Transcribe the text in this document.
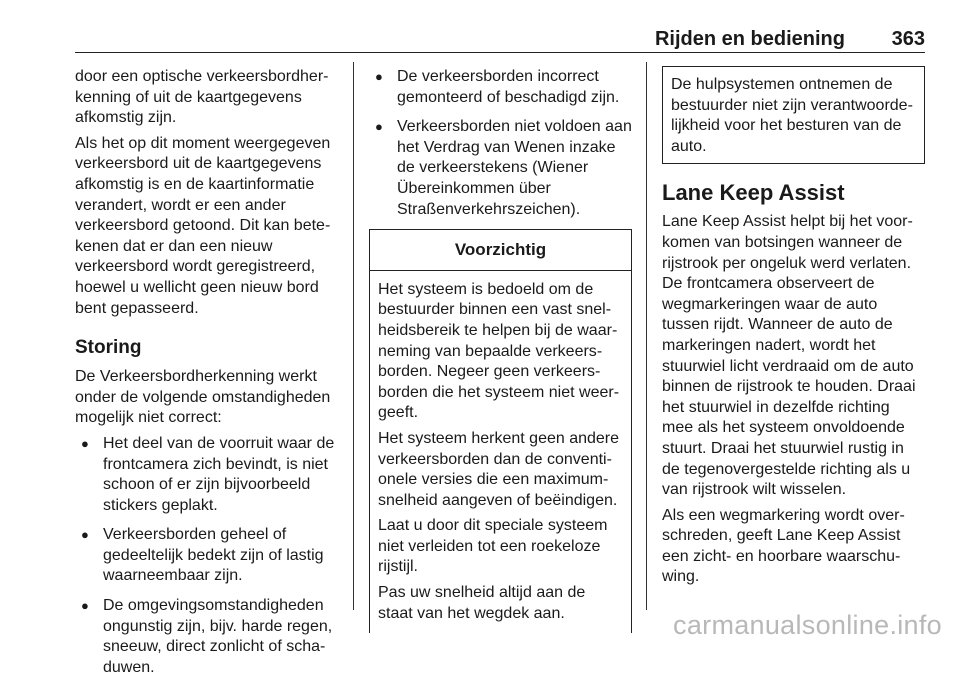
Rijden en bediening 363

door een optische verkeersbordherkenning of uit de kaartgegevens afkomstig zijn.

Als het op dit moment weergegeven verkeersbord uit de kaartgegevens afkomstig is en de kaartinformatie verandert, wordt er een ander verkeersbord getoond. Dit kan betekenen dat er dan een nieuw verkeersbord wordt geregistreerd, hoewel u wellicht geen nieuw bord bent gepasseerd.

Storing

De Verkeersbordherkenning werkt onder de volgende omstandigheden mogelijk niet correct:

● Het deel van de voorruit waar de frontcamera zich bevindt, is niet schoon of er zijn bijvoorbeeld stickers geplakt.
● Verkeersborden geheel of gedeeltelijk bedekt zijn of lastig waarneembaar zijn.
● De omgevingsomstandigheden ongunstig zijn, bijv. harde regen, sneeuw, direct zonlicht of schaduwen.
● De verkeersborden incorrect gemonteerd of beschadigd zijn.
● Verkeersborden niet voldoen aan het Verdrag van Wenen inzake de verkeerstekens (Wiener Übereinkommen über Straßenverkehrszeichen).
Voorzichtig

Het systeem is bedoeld om de bestuurder binnen een vast snelheidsbereik te helpen bij de waarneming van bepaalde verkeersborden. Negeer geen verkeersborden die het systeem niet weergeeft.

Het systeem herkent geen andere verkeersborden dan de conventionele versies die een maximumsnelheid aangeven of beëindigen.

Laat u door dit speciale systeem niet verleiden tot een roekeloze rijstijl.

Pas uw snelheid altijd aan de staat van het wegdek aan.

De hulpsystemen ontnemen de bestuurder niet zijn verantwoordelijkheid voor het besturen van de auto.

Lane Keep Assist

Lane Keep Assist helpt bij het voorkomen van botsingen wanneer de rijstrook per ongeluk werd verlaten. De frontcamera observeert de wegmarkeringen waar de auto tussen rijdt. Wanneer de auto de markeringen nadert, wordt het stuurwiel licht verdraaid om de auto binnen de rijstrook te houden. Draai het stuurwiel in dezelfde richting mee als het systeem onvoldoende stuurt. Draai het stuurwiel rustig in de tegenovergestelde richting als u van rijstrook wilt wisselen.

Als een wegmarkering wordt overschreden, geeft Lane Keep Assist een zicht- en hoorbare waarschuwing.

carmanualsonline.info
